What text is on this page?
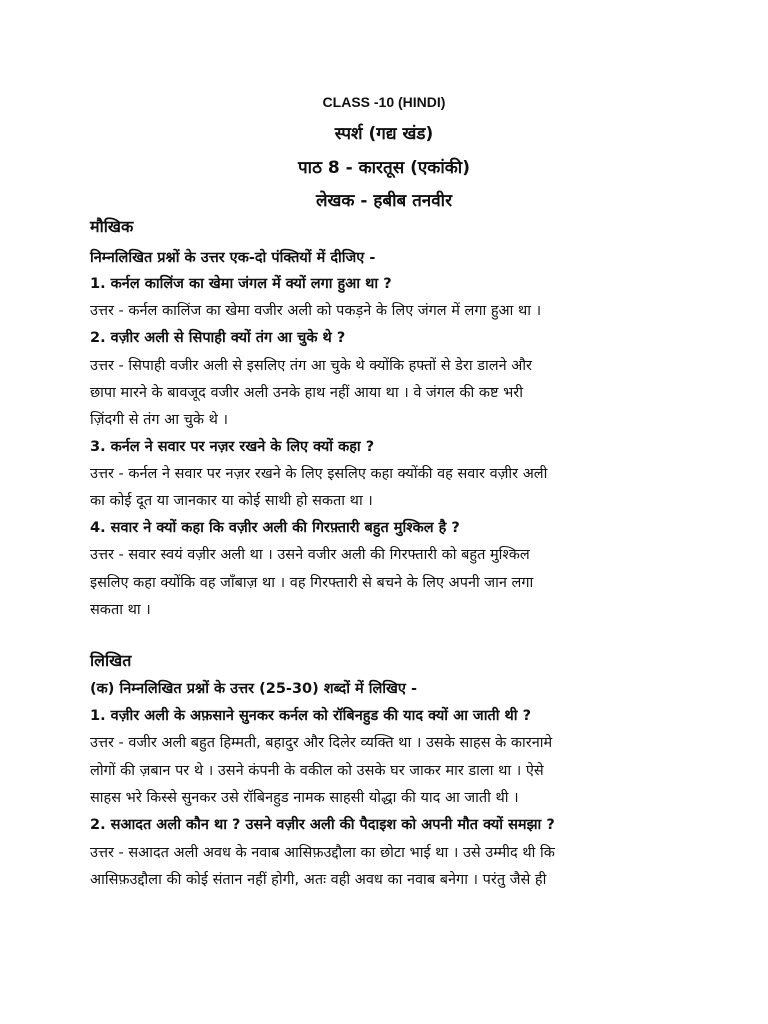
CLASS -10 (HINDI)
स्पर्श (गद्य खंड)
पाठ 8 - कारतूस (एकांकी)
लेखक - हबीब तनवीर
मौखिक
निम्नलिखित प्रश्नों के उत्तर एक-दो पंक्तियों में दीजिए -
1. कर्नल कालिंज का खेमा जंगल में क्यों लगा हुआ था ?
उत्तर - कर्नल कालिंज का खेमा वजीर अली को पकड़ने के लिए जंगल में लगा हुआ था ।
2. वज़ीर अली से सिपाही क्यों तंग आ चुके थे ?
उत्तर - सिपाही वजीर अली से इसलिए तंग आ चुके थे क्योंकि हफ्तों से डेरा डालने और
छापा मारने के बावजूद वजीर अली उनके हाथ नहीं आया था । वे जंगल की कष्ट भरी
ज़िंदगी से तंग आ चुके थे ।
3. कर्नल ने सवार पर नज़र रखने के लिए क्यों कहा ?
उत्तर - कर्नल ने सवार पर नज़र रखने के लिए इसलिए कहा क्योंकी वह सवार वज़ीर अली
का कोई दूत या जानकार या कोई साथी हो सकता था ।
4. सवार ने क्यों कहा कि वज़ीर अली की गिरफ़्तारी बहुत मुश्किल है ?
उत्तर - सवार स्वयं वज़ीर अली था । उसने वजीर अली की गिरफ्तारी को बहुत मुश्किल
इसलिए कहा क्योंकि वह जाँबाज़ था । वह गिरफ्तारी से बचने के लिए अपनी जान लगा
सकता था ।
लिखित
(क) निम्नलिखित प्रश्नों के उत्तर (25-30) शब्दों में लिखिए -
1. वज़ीर अली के अफ़साने सुनकर कर्नल को रॉबिनहुड की याद क्यों आ जाती थी ?
उत्तर - वजीर अली बहुत हिम्मती, बहादुर और दिलेर व्यक्ति था । उसके साहस के कारनामे
लोगों की ज़बान पर थे । उसने कंपनी के वकील को उसके घर जाकर मार डाला था । ऐसे
साहस भरे किस्से सुनकर उसे रॉबिनहुड नामक साहसी योद्धा की याद आ जाती थी ।
2. सआदत अली कौन था ? उसने वज़ीर अली की पैदाइश को अपनी मौत क्यों समझा ?
उत्तर - सआदत अली अवध के नवाब आसिफ़उद्दौला का छोटा भाई था । उसे उम्मीद थी कि
आसिफ़उद्दौला की कोई संतान नहीं होगी, अतः वही अवध का नवाब बनेगा । परंतु जैसे ही
